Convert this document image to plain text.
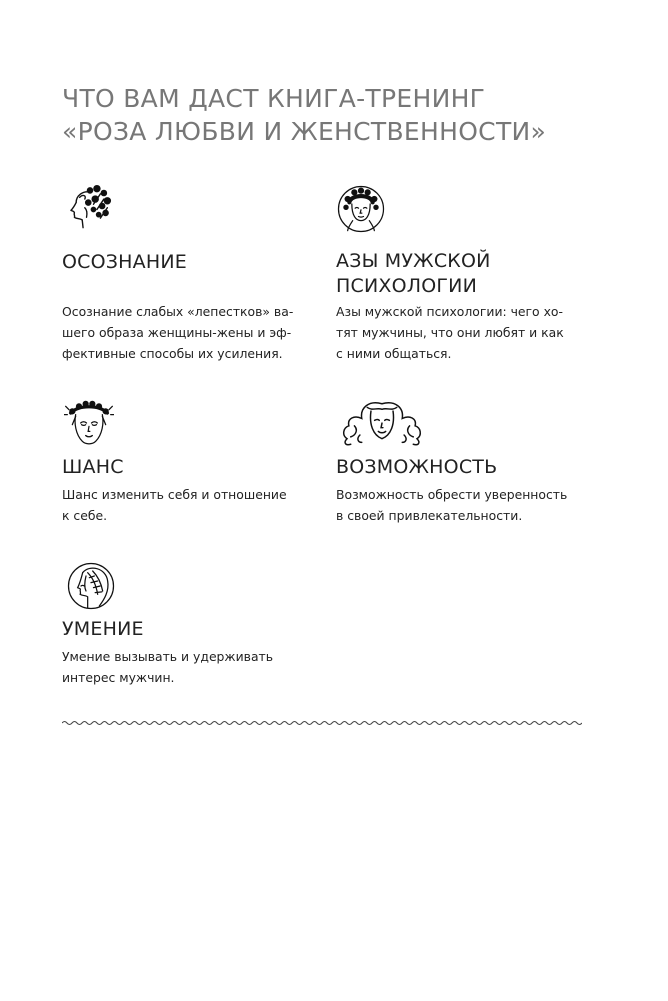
ЧТО ВАМ ДАСТ КНИГА-ТРЕНИНГ
«РОЗА ЛЮБВИ И ЖЕНСТВЕННОСТИ»
ОСОЗНАНИЕ

Осознание слабых «лепестков» ва-
шего образа женщины-жены и эф-
фективные способы их усиления.

АЗЫ МУЖСКОЙ
ПСИХОЛОГИИ

Азы мужской психологии: чего хо-
тят мужчины, что они любят и как
с ними общаться.

ШАНС

Шанс изменить себя и отношение
к себе.

ВОЗМОЖНОСТЬ

Возможность обрести уверенность
в своей привлекательности.

УМЕНИЕ

Умение вызывать и удерживать
интерес мужчин.
